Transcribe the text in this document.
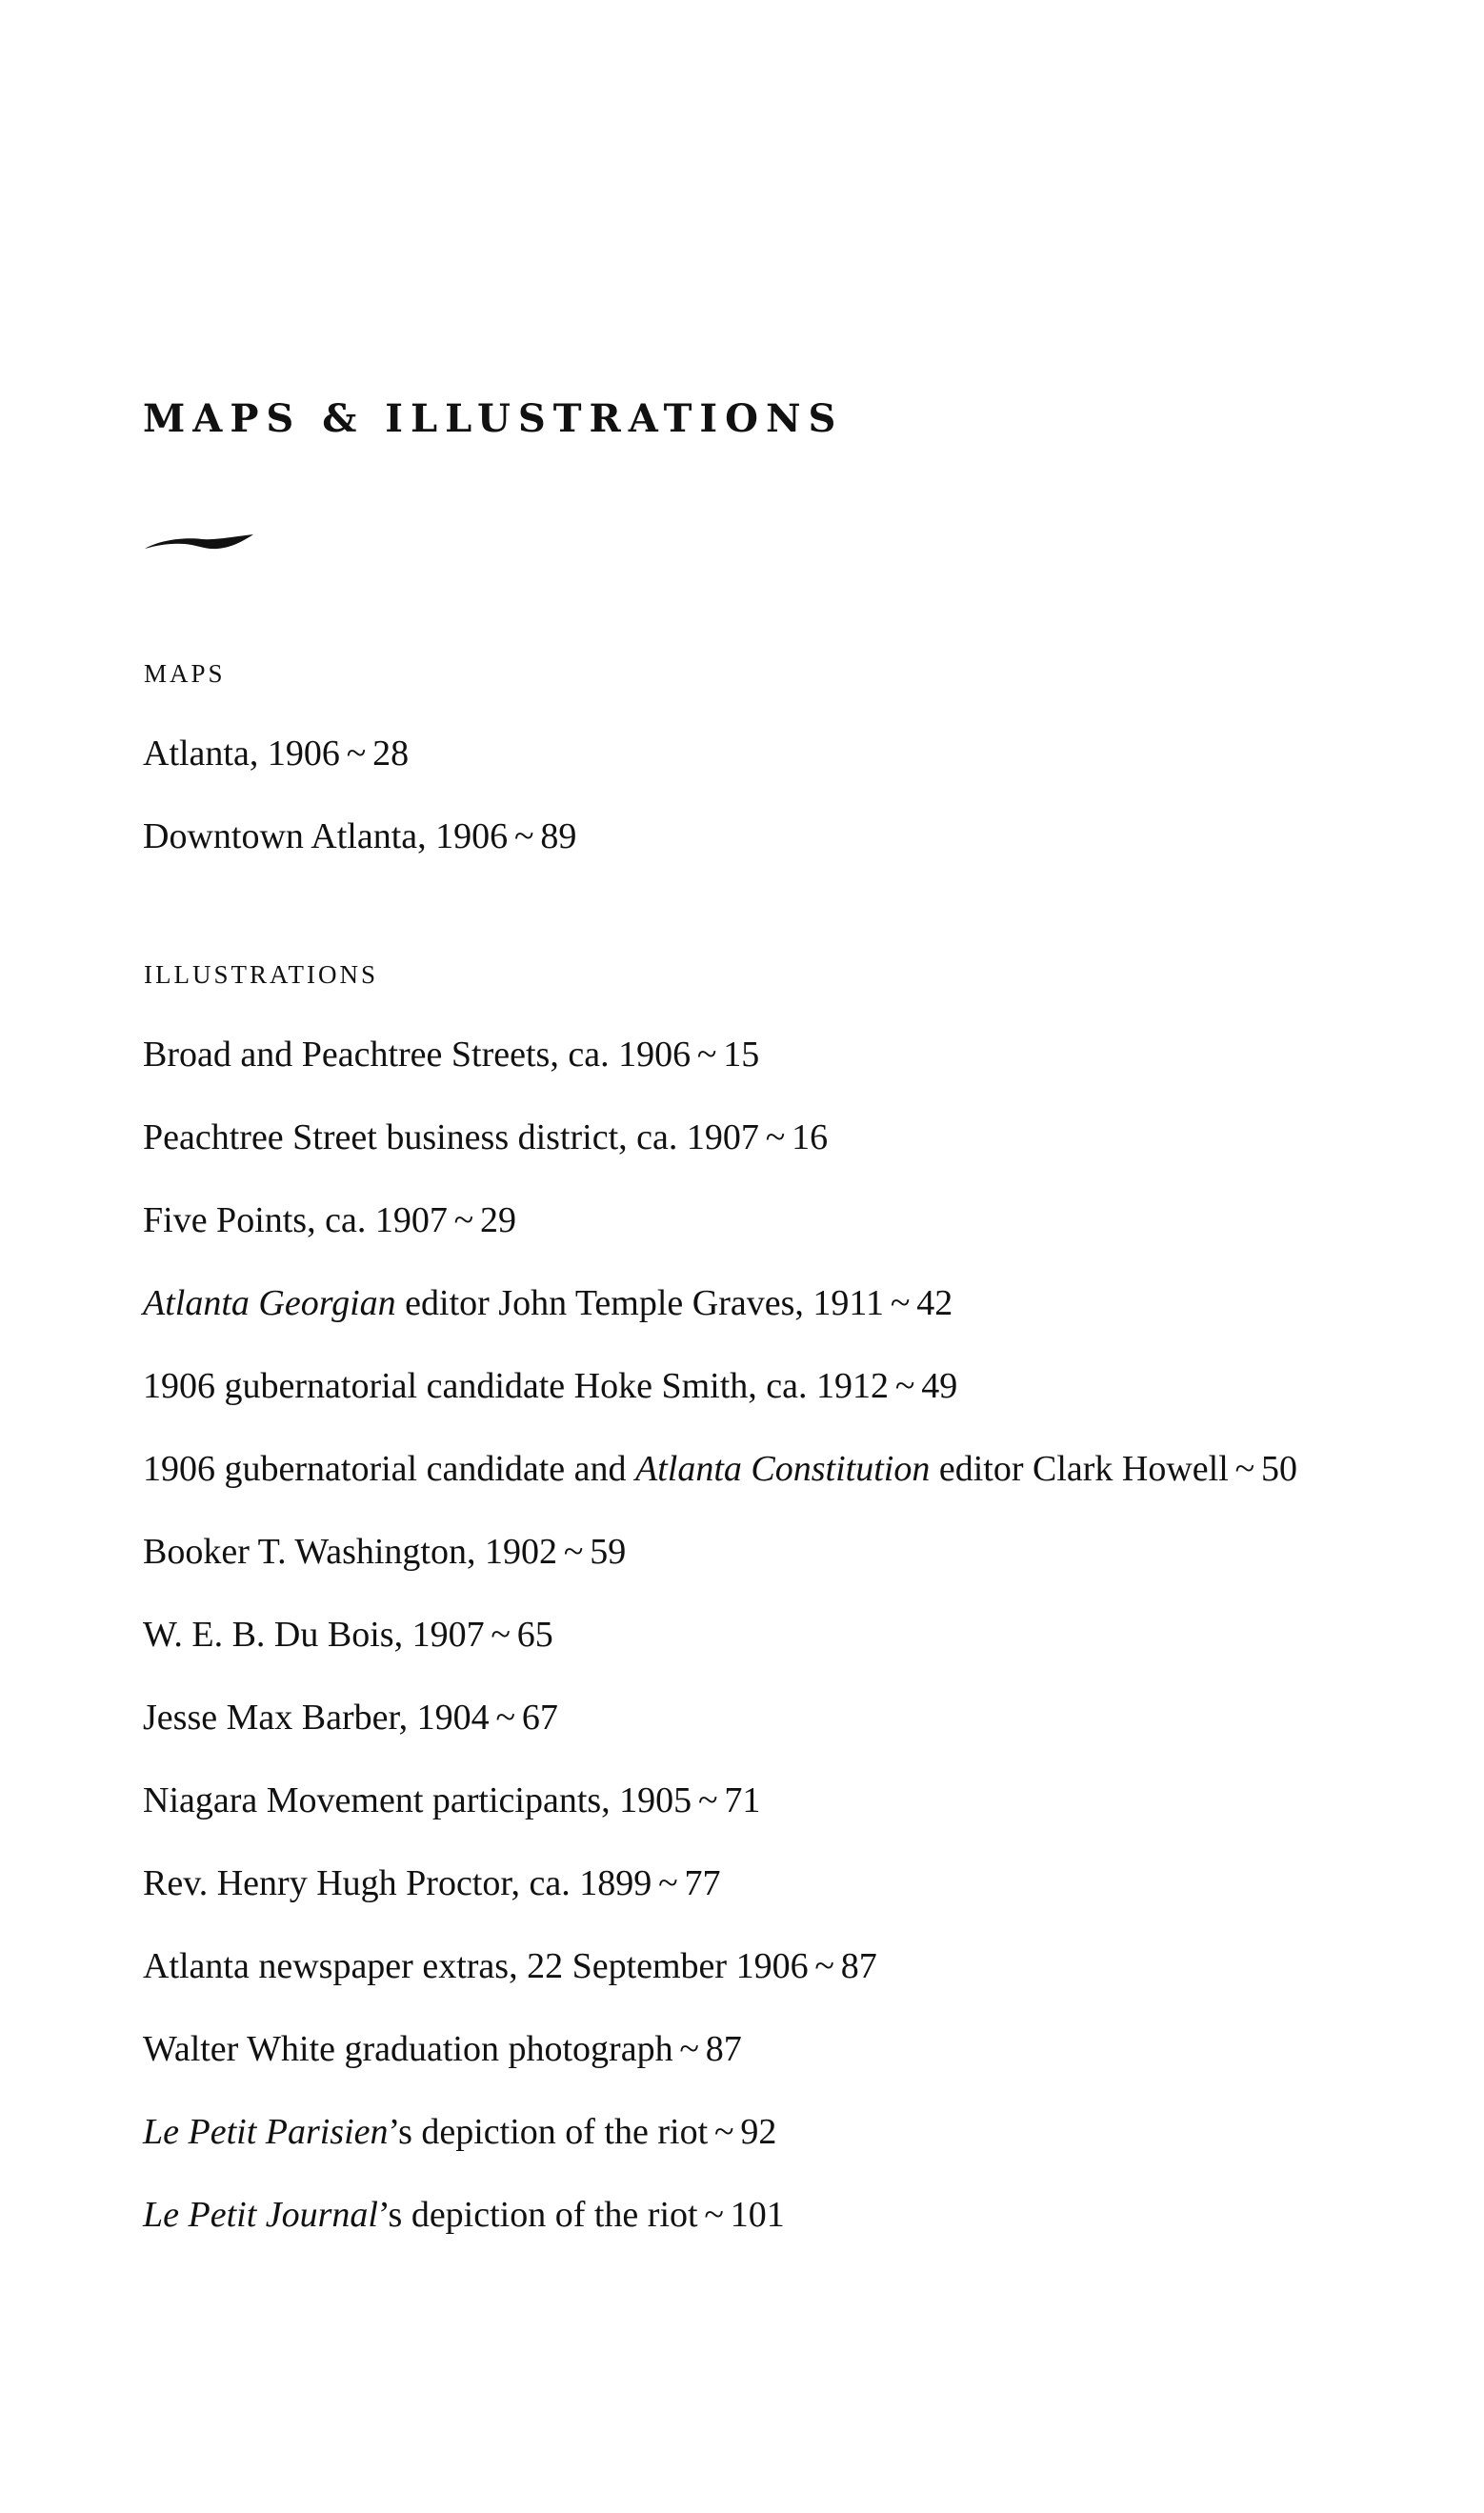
MAPS & ILLUSTRATIONS
MAPS
Atlanta, 1906 ~ 28
Downtown Atlanta, 1906 ~ 89
ILLUSTRATIONS
Broad and Peachtree Streets, ca. 1906 ~ 15
Peachtree Street business district, ca. 1907 ~ 16
Five Points, ca. 1907 ~ 29
Atlanta Georgian editor John Temple Graves, 1911 ~ 42
1906 gubernatorial candidate Hoke Smith, ca. 1912 ~ 49
1906 gubernatorial candidate and Atlanta Constitution editor Clark Howell ~ 50
Booker T. Washington, 1902 ~ 59
W. E. B. Du Bois, 1907 ~ 65
Jesse Max Barber, 1904 ~ 67
Niagara Movement participants, 1905 ~ 71
Rev. Henry Hugh Proctor, ca. 1899 ~ 77
Atlanta newspaper extras, 22 September 1906 ~ 87
Walter White graduation photograph ~ 87
Le Petit Parisien’s depiction of the riot ~ 92
Le Petit Journal’s depiction of the riot ~ 101
